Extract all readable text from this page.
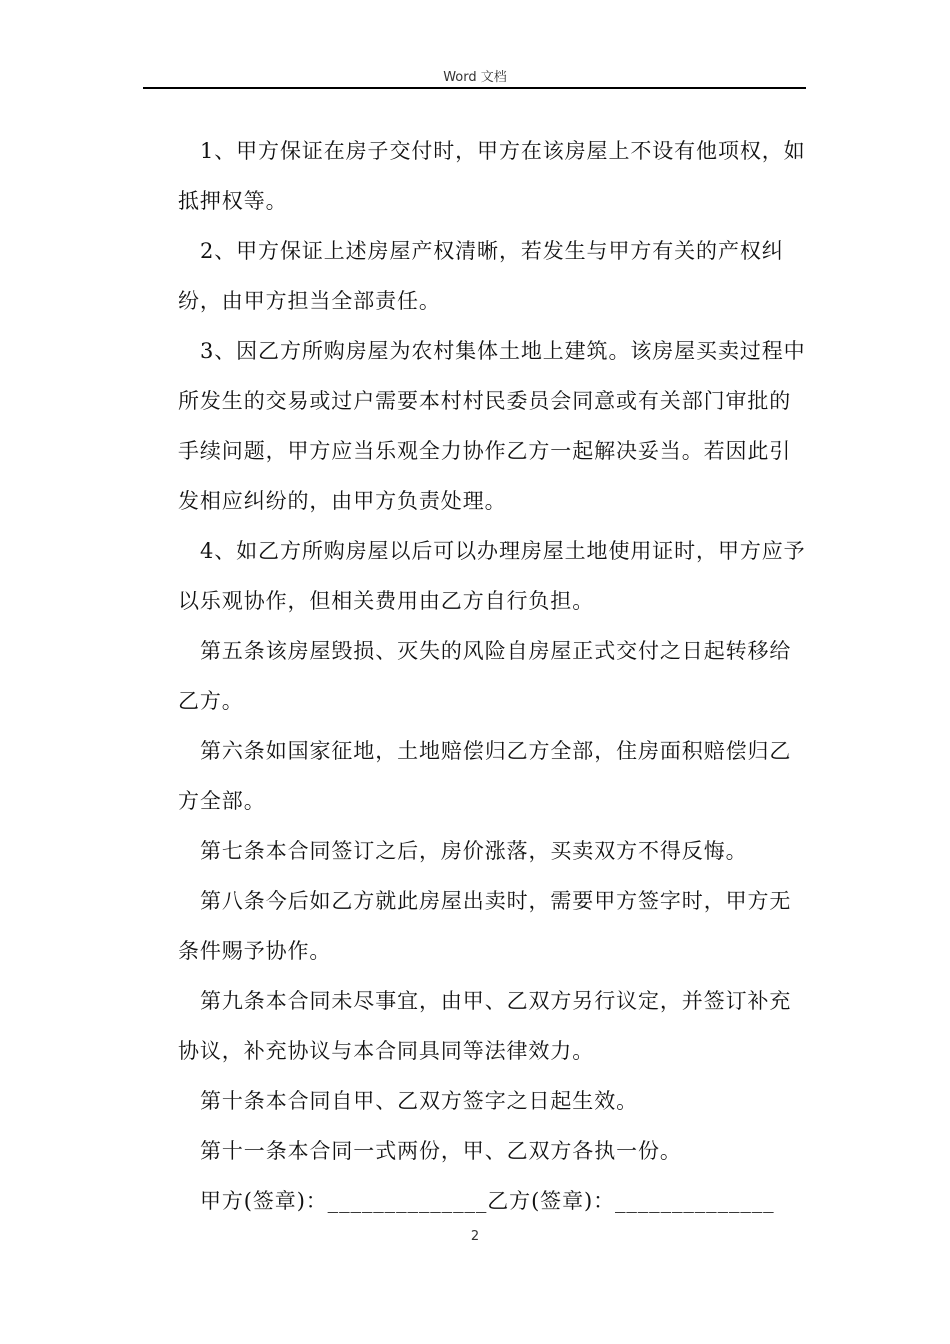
Word 文档

1、甲方保证在房子交付时，甲方在该房屋上不设有他项权，如抵押权等。

2、甲方保证上述房屋产权清晰，若发生与甲方有关的产权纠纷，由甲方担当全部责任。

3、因乙方所购房屋为农村集体土地上建筑。该房屋买卖过程中所发生的交易或过户需要本村村民委员会同意或有关部门审批的手续问题，甲方应当乐观全力协作乙方一起解决妥当。若因此引发相应纠纷的，由甲方负责处理。

4、如乙方所购房屋以后可以办理房屋土地使用证时，甲方应予以乐观协作，但相关费用由乙方自行负担。

第五条该房屋毁损、灭失的风险自房屋正式交付之日起转移给乙方。

第六条如国家征地，土地赔偿归乙方全部，住房面积赔偿归乙方全部。

第七条本合同签订之后，房价涨落，买卖双方不得反悔。

第八条今后如乙方就此房屋出卖时，需要甲方签字时，甲方无条件赐予协作。

第九条本合同未尽事宜，由甲、乙双方另行议定，并签订补充协议，补充协议与本合同具同等法律效力。

第十条本合同自甲、乙双方签字之日起生效。

第十一条本合同一式两份，甲、乙双方各执一份。

甲方(签章)：______________乙方(签章)：______________

2
